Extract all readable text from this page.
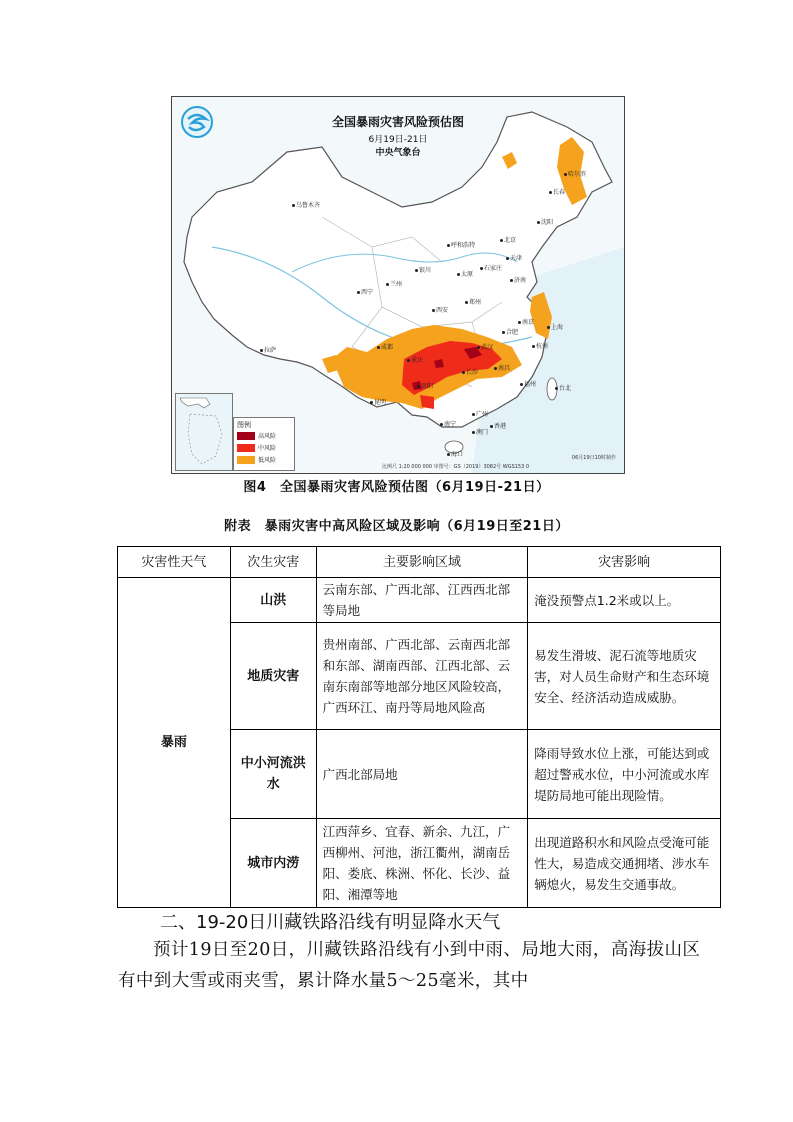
全国暴雨灾害风险预估图
6月19日-21日
中央气象台
乌鲁木齐
哈尔滨
长春
沈阳
呼和浩特
北京
天津
石家庄
太原
银川
济南
兰州
西宁
郑州
西安
南京
合肥
上海
武汉
成都
重庆
杭州
长沙
南昌
福州
贵阳
昆明
台北
南宁
广州
香港
澳门
海口
拉萨
图例
高风险
中风险
低风险	06月19日10时制作
比例尺 1:20 000 000 审图号：GS（2019）3082号 WGS153 0
图4　全国暴雨灾害风险预估图（6月19日-21日）
附表　暴雨灾害中高风险区域及影响（6月19日至21日）
灾害性天气	次生灾害	主要影响区域	灾害影响
暴雨	山洪	云南东部、广西北部、江西西北部等局地	淹没预警点1.2米或以上。
	地质灾害	贵州南部、广西北部、云南西北部和东部、湖南西部、江西北部、云南东南部等地部分地区风险较高，广西环江、南丹等局地风险高	易发生滑坡、泥石流等地质灾害，对人员生命财产和生态环境安全、经济活动造成威胁。
	中小河流洪水	广西北部局地	降雨导致水位上涨，可能达到或超过警戒水位，中小河流或水库堤防局地可能出现险情。
	城市内涝	江西萍乡、宜春、新余、九江，广西柳州、河池，浙江衢州，湖南岳阳、娄底、株洲、怀化、长沙、益阳、湘潭等地	出现道路积水和风险点受淹可能性大，易造成交通拥堵、涉水车辆熄火，易发生交通事故。
二、19-20日川藏铁路沿线有明显降水天气
预计19日至20日，川藏铁路沿线有小到中雨、局地大雨，高海拔山区有中到大雪或雨夹雪，累计降水量5～25毫米，其中
